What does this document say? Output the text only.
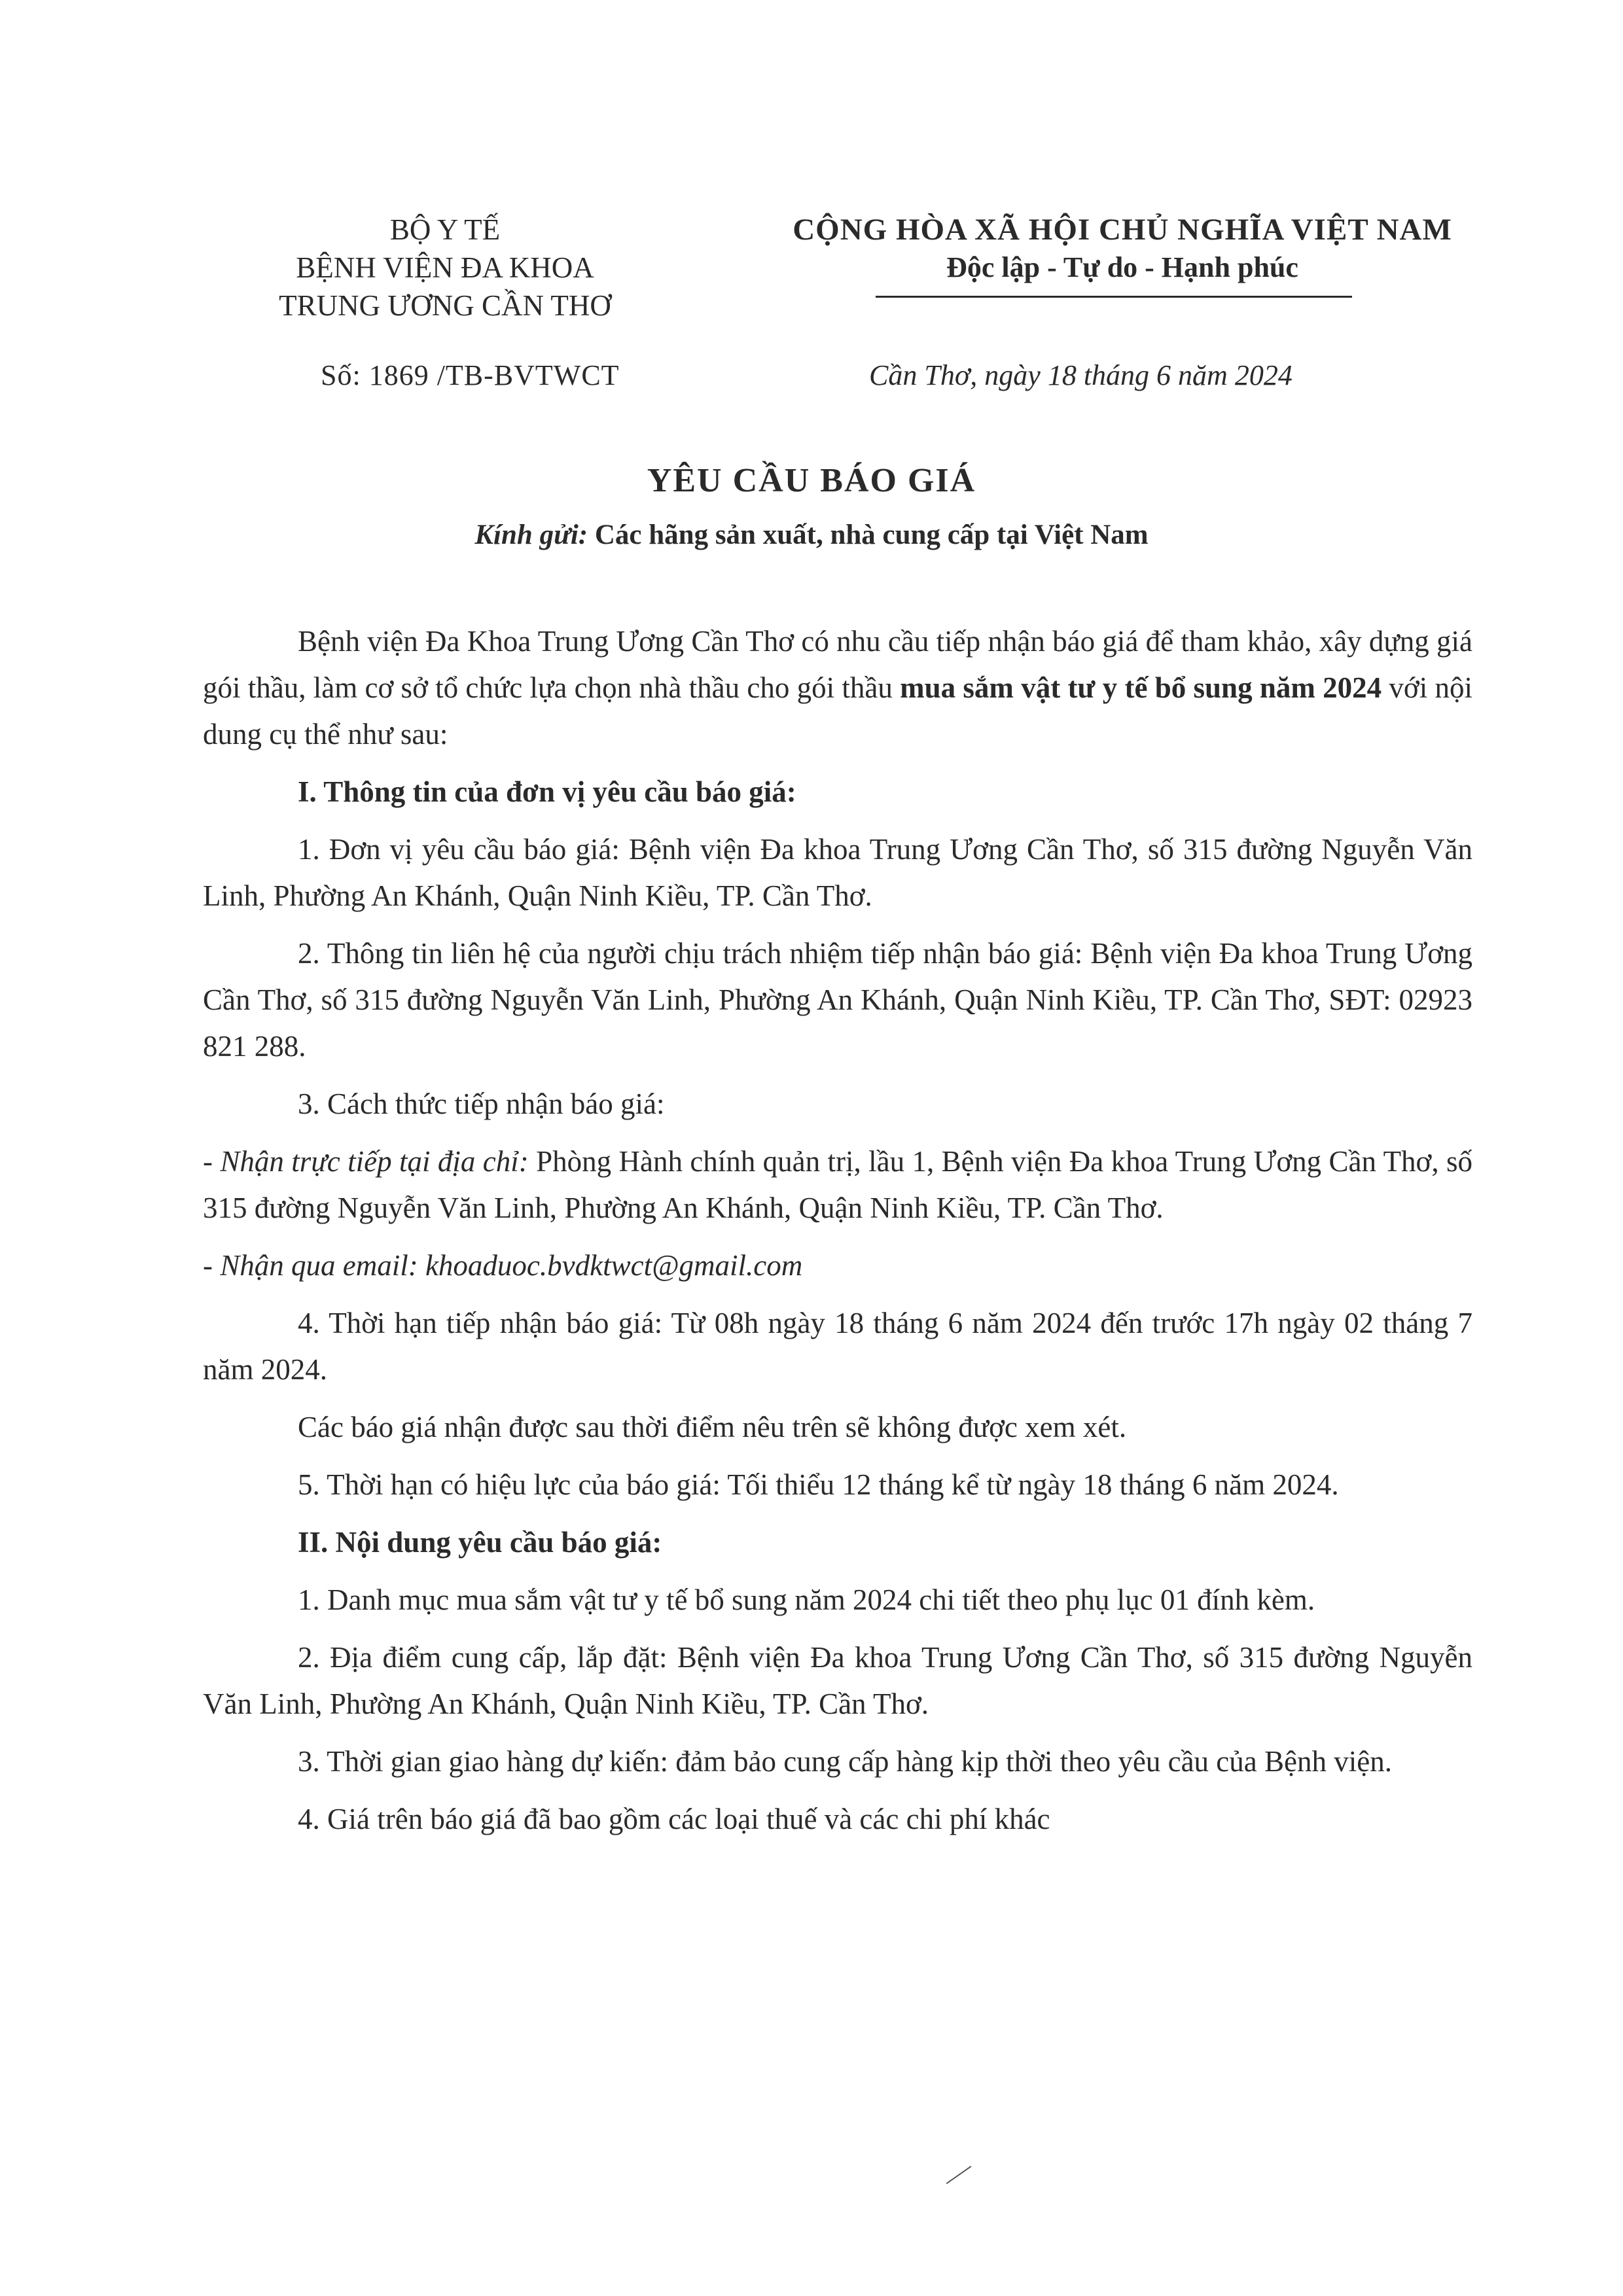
BỘ Y TẾ
BỆNH VIỆN ĐA KHOA
TRUNG ƯƠNG CẦN THƠ
CỘNG HÒA XÃ HỘI CHỦ NGHĨA VIỆT NAM
Độc lập - Tự do - Hạnh phúc
Số: 1869 /TB-BVTWCT	Cần Thơ, ngày 18 tháng 6 năm 2024
YÊU CẦU BÁO GIÁ
Kính gửi: Các hãng sản xuất, nhà cung cấp tại Việt Nam

Bệnh viện Đa Khoa Trung Ương Cần Thơ có nhu cầu tiếp nhận báo giá để tham khảo, xây dựng giá gói thầu, làm cơ sở tổ chức lựa chọn nhà thầu cho gói thầu mua sắm vật tư y tế bổ sung năm 2024 với nội dung cụ thể như sau:

I. Thông tin của đơn vị yêu cầu báo giá:

1. Đơn vị yêu cầu báo giá: Bệnh viện Đa khoa Trung Ương Cần Thơ, số 315 đường Nguyễn Văn Linh, Phường An Khánh, Quận Ninh Kiều, TP. Cần Thơ.

2. Thông tin liên hệ của người chịu trách nhiệm tiếp nhận báo giá: Bệnh viện Đa khoa Trung Ương Cần Thơ, số 315 đường Nguyễn Văn Linh, Phường An Khánh, Quận Ninh Kiều, TP. Cần Thơ, SĐT: 02923 821 288.

3. Cách thức tiếp nhận báo giá:

- Nhận trực tiếp tại địa chỉ: Phòng Hành chính quản trị, lầu 1, Bệnh viện Đa khoa Trung Ương Cần Thơ, số 315 đường Nguyễn Văn Linh, Phường An Khánh, Quận Ninh Kiều, TP. Cần Thơ.

- Nhận qua email: khoaduoc.bvdktwct@gmail.com

4. Thời hạn tiếp nhận báo giá: Từ 08h ngày 18 tháng 6 năm 2024 đến trước 17h ngày 02 tháng 7 năm 2024.

Các báo giá nhận được sau thời điểm nêu trên sẽ không được xem xét.

5. Thời hạn có hiệu lực của báo giá: Tối thiểu 12 tháng kể từ ngày 18 tháng 6 năm 2024.

II. Nội dung yêu cầu báo giá:

1. Danh mục mua sắm vật tư y tế bổ sung năm 2024 chi tiết theo phụ lục 01 đính kèm.

2. Địa điểm cung cấp, lắp đặt: Bệnh viện Đa khoa Trung Ương Cần Thơ, số 315 đường Nguyễn Văn Linh, Phường An Khánh, Quận Ninh Kiều, TP. Cần Thơ.

3. Thời gian giao hàng dự kiến: đảm bảo cung cấp hàng kịp thời theo yêu cầu của Bệnh viện.

4. Giá trên báo giá đã bao gồm các loại thuế và các chi phí khác
